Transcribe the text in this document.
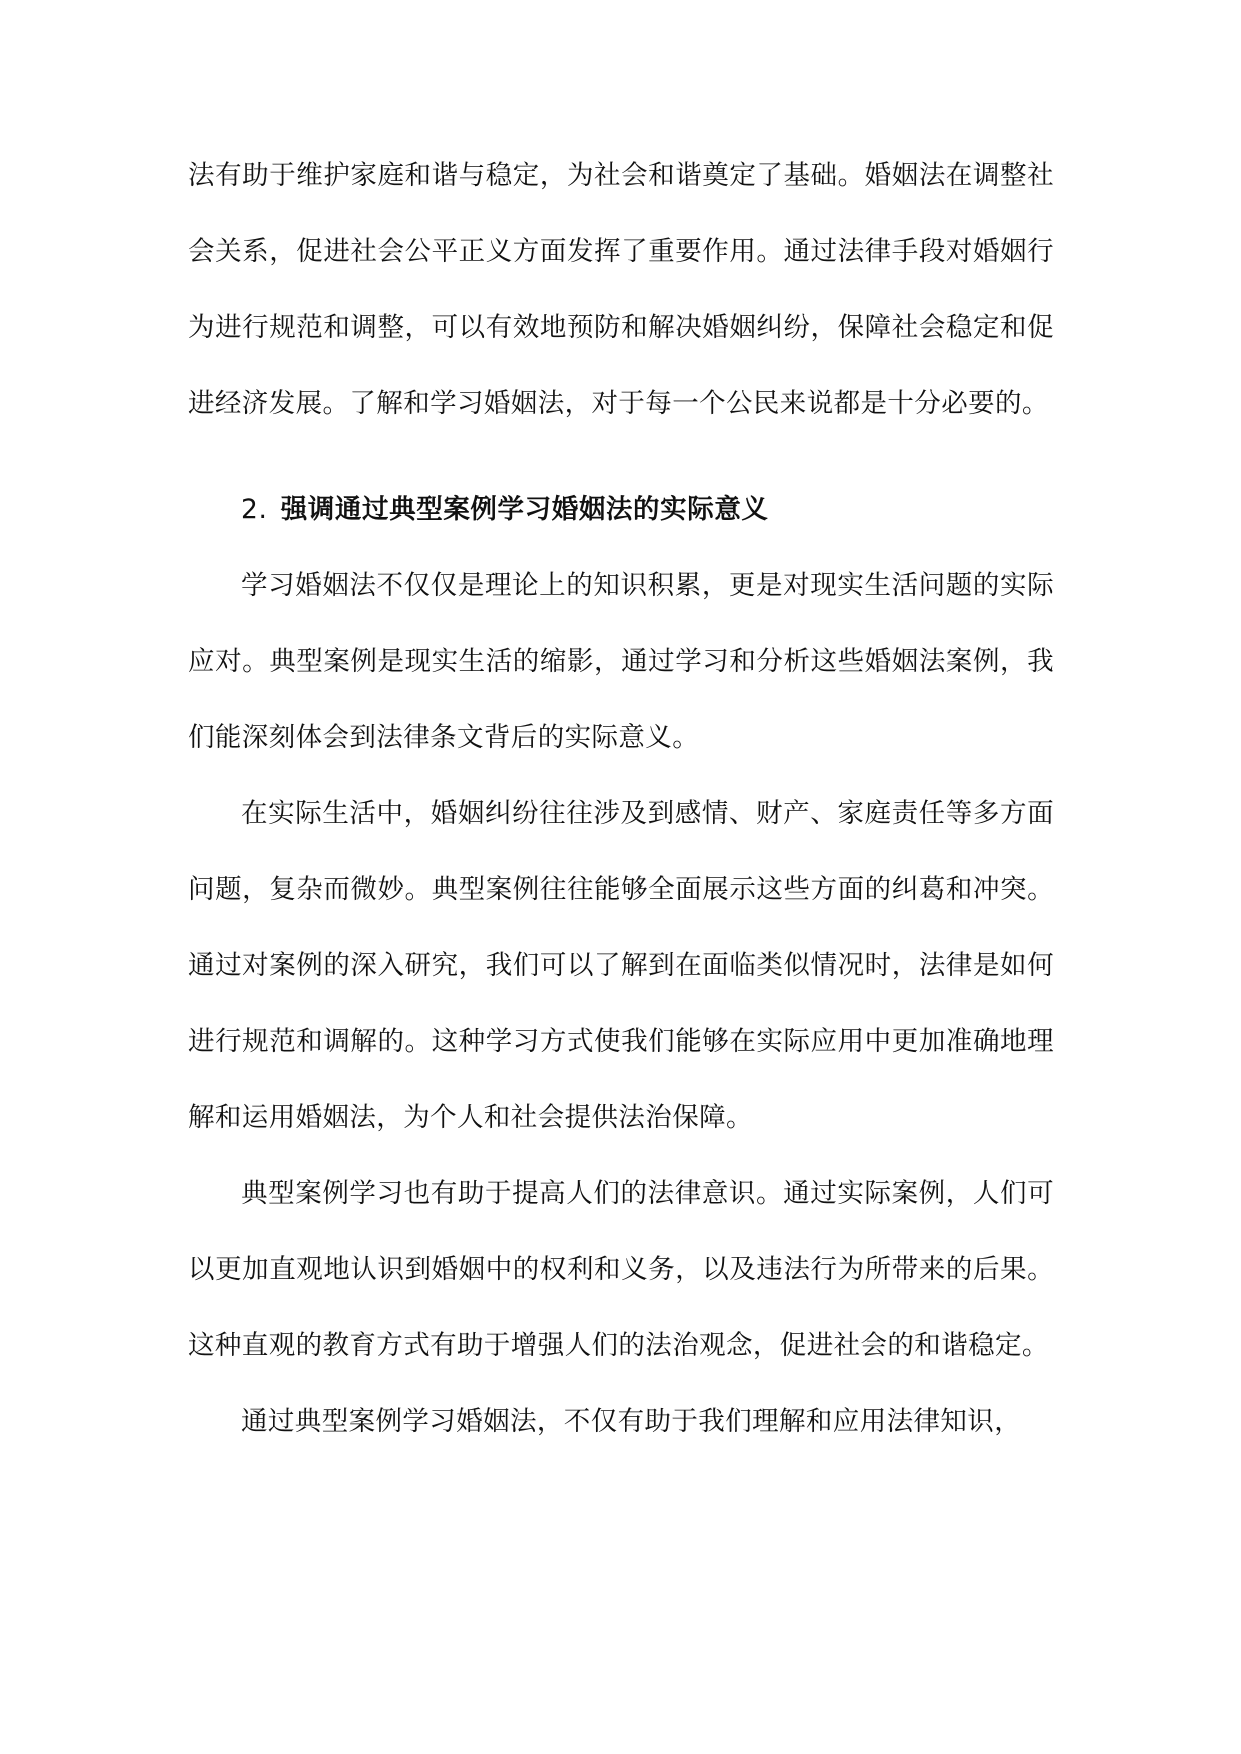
法有助于维护家庭和谐与稳定，为社会和谐奠定了基础。婚姻法在调整社会关系，促进社会公平正义方面发挥了重要作用。通过法律手段对婚姻行为进行规范和调整，可以有效地预防和解决婚姻纠纷，保障社会稳定和促进经济发展。了解和学习婚姻法，对于每一个公民来说都是十分必要的。

2. 强调通过典型案例学习婚姻法的实际意义

学习婚姻法不仅仅是理论上的知识积累，更是对现实生活问题的实际应对。典型案例是现实生活的缩影，通过学习和分析这些婚姻法案例，我们能深刻体会到法律条文背后的实际意义。

在实际生活中，婚姻纠纷往往涉及到感情、财产、家庭责任等多方面问题，复杂而微妙。典型案例往往能够全面展示这些方面的纠葛和冲突。通过对案例的深入研究，我们可以了解到在面临类似情况时，法律是如何进行规范和调解的。这种学习方式使我们能够在实际应用中更加准确地理解和运用婚姻法，为个人和社会提供法治保障。

典型案例学习也有助于提高人们的法律意识。通过实际案例，人们可以更加直观地认识到婚姻中的权利和义务，以及违法行为所带来的后果。这种直观的教育方式有助于增强人们的法治观念，促进社会的和谐稳定。

通过典型案例学习婚姻法，不仅有助于我们理解和应用法律知识，
